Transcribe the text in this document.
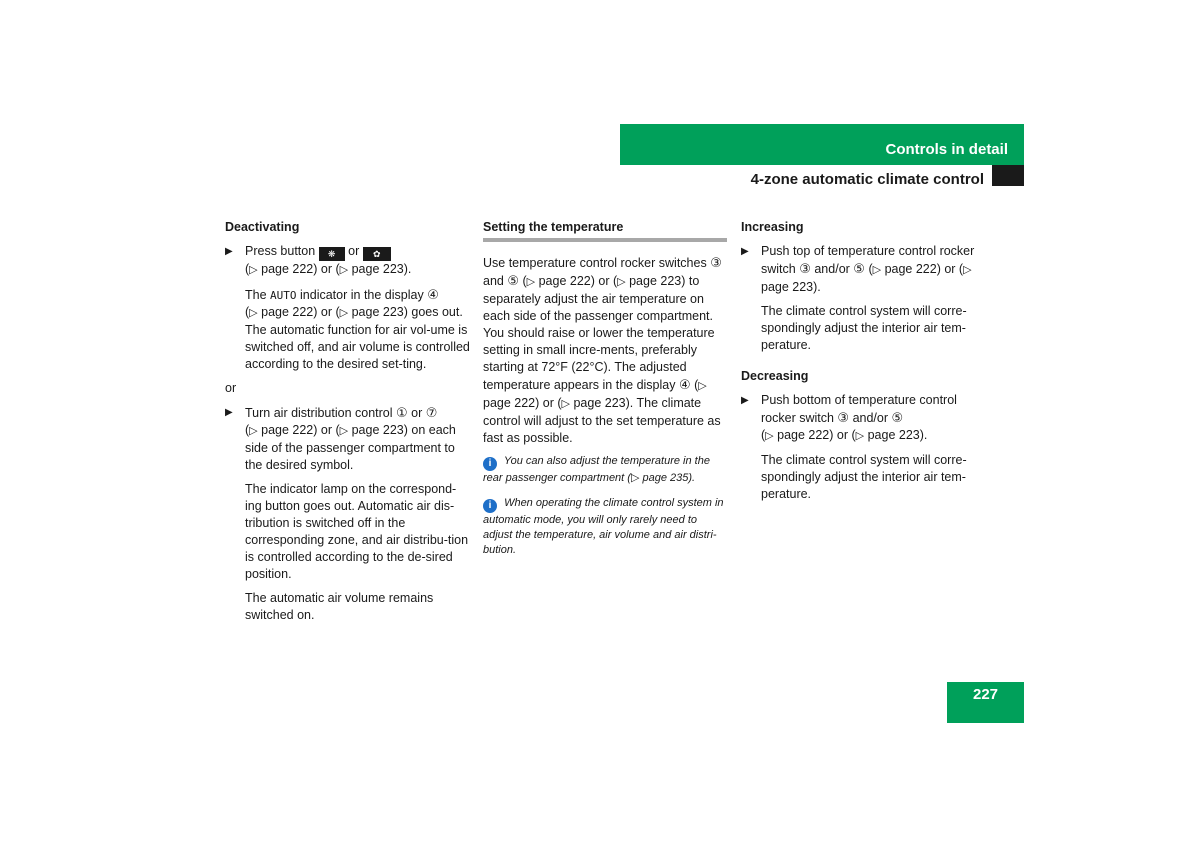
Controls in detail
4-zone automatic climate control
Deactivating
▶ Press button ❋ or ✿
(▷ page 222) or (▷ page 223).
The AUTO indicator in the display ④
(▷ page 222) or (▷ page 223) goes out. The automatic function for air vol-ume is switched off, and air volume is controlled according to the desired set-ting.
or
▶ Turn air distribution control ① or ⑦
(▷ page 222) or (▷ page 223) on each side of the passenger compartment to the desired symbol.
The indicator lamp on the correspond-ing button goes out. Automatic air dis-tribution is switched off in the corresponding zone, and air distribu-tion is controlled according to the de-sired position.
The automatic air volume remains switched on.
Setting the temperature
Use temperature control rocker switches ③ and ⑤ (▷ page 222) or (▷ page 223) to separately adjust the air temperature on each side of the passenger compartment. You should raise or lower the temperature setting in small incre-ments, preferably starting at 72°F (22°C). The adjusted temperature appears in the display ④ (▷ page 222) or (▷ page 223). The climate control will adjust to the set temperature as fast as possible.
i You can also adjust the temperature in the rear passenger compartment (▷ page 235).
i When operating the climate control system in automatic mode, you will only rarely need to adjust the temperature, air volume and air distri-bution.
Increasing
▶ Push top of temperature control rocker switch ③ and/or ⑤ (▷ page 222) or (▷ page 223).
The climate control system will corre-spondingly adjust the interior air tem-perature.
Decreasing
▶ Push bottom of temperature control rocker switch ③ and/or ⑤
(▷ page 222) or (▷ page 223).
The climate control system will corre-spondingly adjust the interior air tem-perature.
227
